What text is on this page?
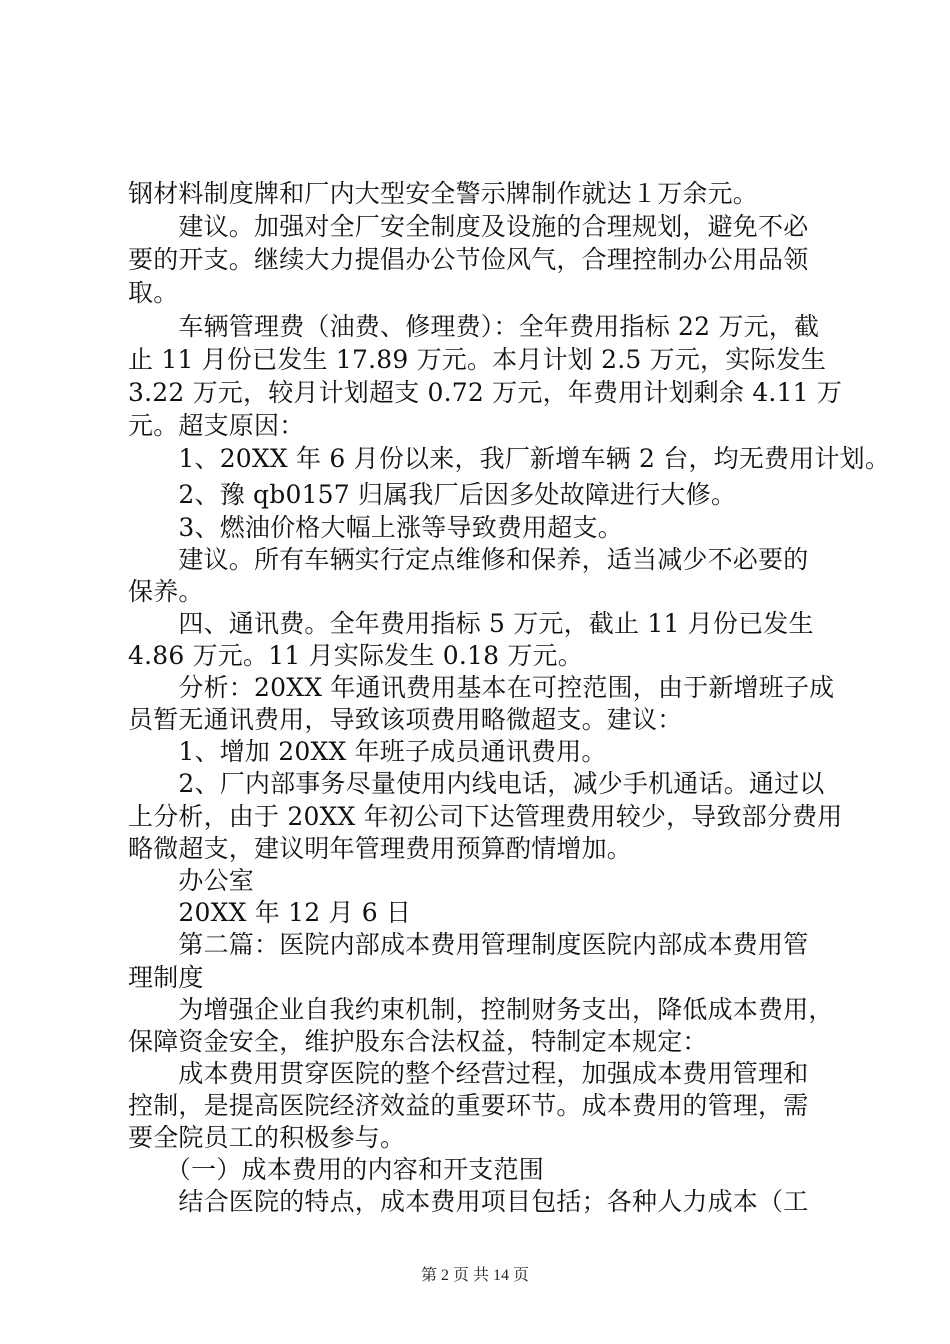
钢材料制度牌和厂内大型安全警示牌制作就达１万余元。
　　建议。加强对全厂安全制度及设施的合理规划，避免不必
要的开支。继续大力提倡办公节俭风气，合理控制办公用品领
取。
　　车辆管理费（油费、修理费）：全年费用指标 22 万元，截
止 11 月份已发生 17.89 万元。本月计划 2.5 万元，实际发生
3.22 万元，较月计划超支 0.72 万元，年费用计划剩余 4.11 万
元。超支原因：
　　1、20XX 年 6 月份以来，我厂新增车辆 2 台，均无费用计划。
　　2、豫 qb0157 归属我厂后因多处故障进行大修。
　　3、燃油价格大幅上涨等导致费用超支。
　　建议。所有车辆实行定点维修和保养，适当减少不必要的
保养。
　　四、通讯费。全年费用指标 5 万元，截止 11 月份已发生
4.86 万元。11 月实际发生 0.18 万元。
　　分析：20XX 年通讯费用基本在可控范围，由于新增班子成
员暂无通讯费用，导致该项费用略微超支。建议：
　　1、增加 20XX 年班子成员通讯费用。
　　2、厂内部事务尽量使用内线电话，减少手机通话。通过以
上分析，由于 20XX 年初公司下达管理费用较少，导致部分费用
略微超支，建议明年管理费用预算酌情增加。
　　办公室
　　20XX 年 12 月 6 日
　　第二篇：医院内部成本费用管理制度医院内部成本费用管
理制度
　　为增强企业自我约束机制，控制财务支出，降低成本费用，
保障资金安全，维护股东合法权益，特制定本规定：
　　成本费用贯穿医院的整个经营过程，加强成本费用管理和
控制，是提高医院经济效益的重要环节。成本费用的管理，需
要全院员工的积极参与。
　　（一）成本费用的内容和开支范围
　　结合医院的特点，成本费用项目包括；各种人力成本（工
第 2 页 共 14 页
